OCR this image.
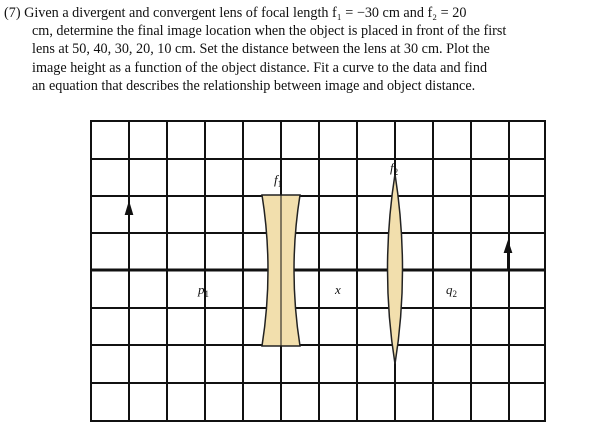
(7) Given a divergent and convergent lens of focal length f₁ = −30 cm and f₂ = 20

cm, determine the final image location when the object is placed in front of the first

lens at 50, 40, 30, 20, 10 cm. Set the distance between the lens at 30 cm. Plot the

image height as a function of the object distance. Fit a curve to the data and find

an equation that describes the relationship between image and object distance.

$f_1$
$f_2$
$p_1$	x	$q_2$
